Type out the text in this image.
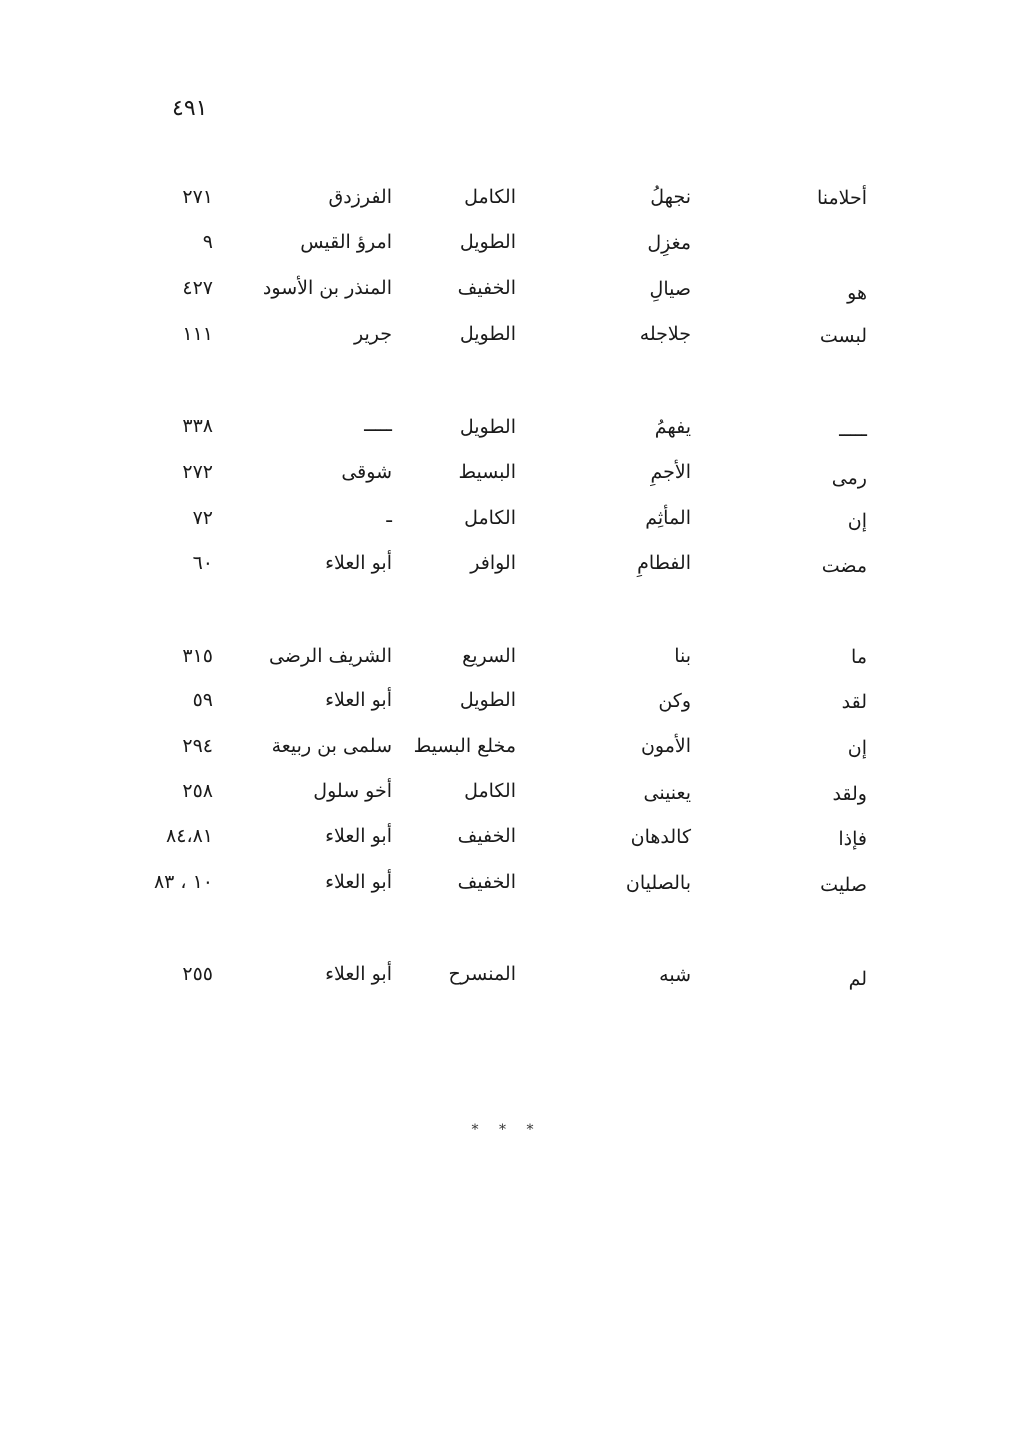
٤٩١
أحلامنا
نجهلُ
الكامل
الفرزدق
٢٧١
مغزِل
الطويل
امرؤ القيس
٩
هو
صيالِ
الخفيف
المنذر بن الأسود
٤٢٧
لبست
جلاجله
الطويل
جرير
١١١
ـــــ
يفهمُ
الطويل
ـــــ
٣٣٨
رمى
الأجمِ
البسيط
شوقى
٢٧٢
إن
المأثِم
الكامل
ـ
٧٢
مضت
الفطامِ
الوافر
أبو العلاء
٦٠
ما
بنا
السريع
الشريف الرضى
٣١٥
لقد
وكن
الطويل
أبو العلاء
٥٩
إن
الأمون
مخلع البسيط
سلمى بن ربيعة
٢٩٤
ولقد
يعنينى
الكامل
أخو سلول
٢٥٨
فإذا
كالدهان
الخفيف
أبو العلاء
٨٤،٨١
صليت
بالصليان
الخفيف
أبو العلاء
١٠ ، ٨٣
لم
شبه
المنسرح
أبو العلاء
٢٥٥
* * *
